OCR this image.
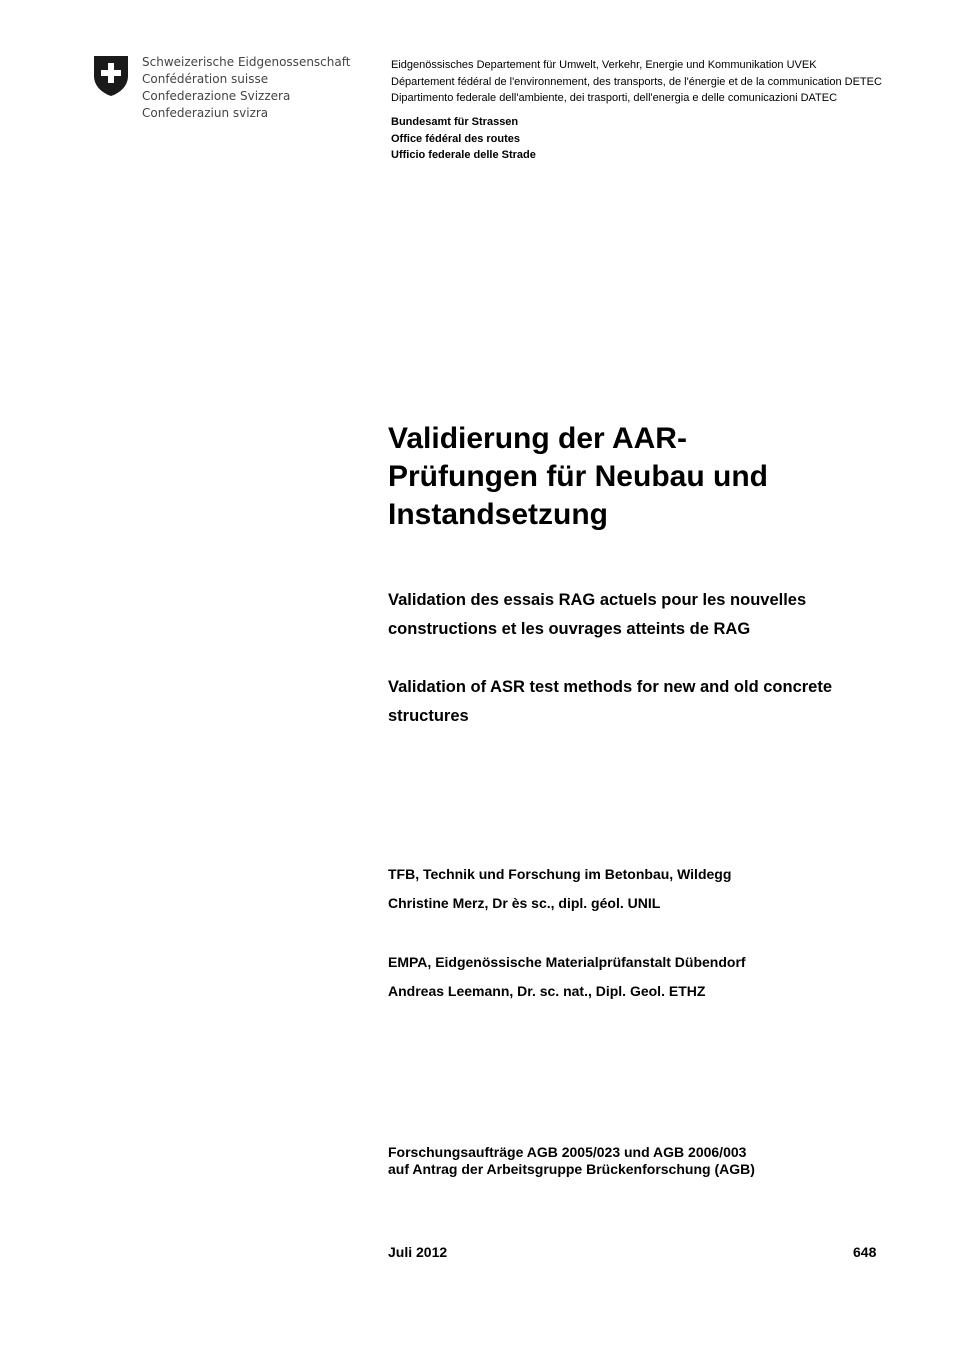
Schweizerische Eidgenossenschaft
Confédération suisse
Confederazione Svizzera
Confederaziun svizra
Eidgenössisches Departement für Umwelt, Verkehr, Energie und Kommunikation UVEK
Département fédéral de l'environnement, des transports, de l'énergie et de la communication DETEC
Dipartimento federale dell'ambiente, dei trasporti, dell'energia e delle comunicazioni DATEC
Bundesamt für Strassen
Office fédéral des routes
Ufficio federale delle Strade
Validierung der AAR-
Prüfungen für Neubau und
Instandsetzung
Validation des essais RAG actuels pour les nouvelles
constructions et les ouvrages atteints de RAG
Validation of ASR test methods for new and old concrete
structures
TFB, Technik und Forschung im Betonbau, Wildegg
Christine Merz, Dr ès sc., dipl. géol. UNIL
EMPA, Eidgenössische Materialprüfanstalt Dübendorf
Andreas Leemann, Dr. sc. nat., Dipl. Geol. ETHZ
Forschungsaufträge AGB 2005/023 und AGB 2006/003
auf Antrag der Arbeitsgruppe Brückenforschung (AGB)
Juli 2012	648
